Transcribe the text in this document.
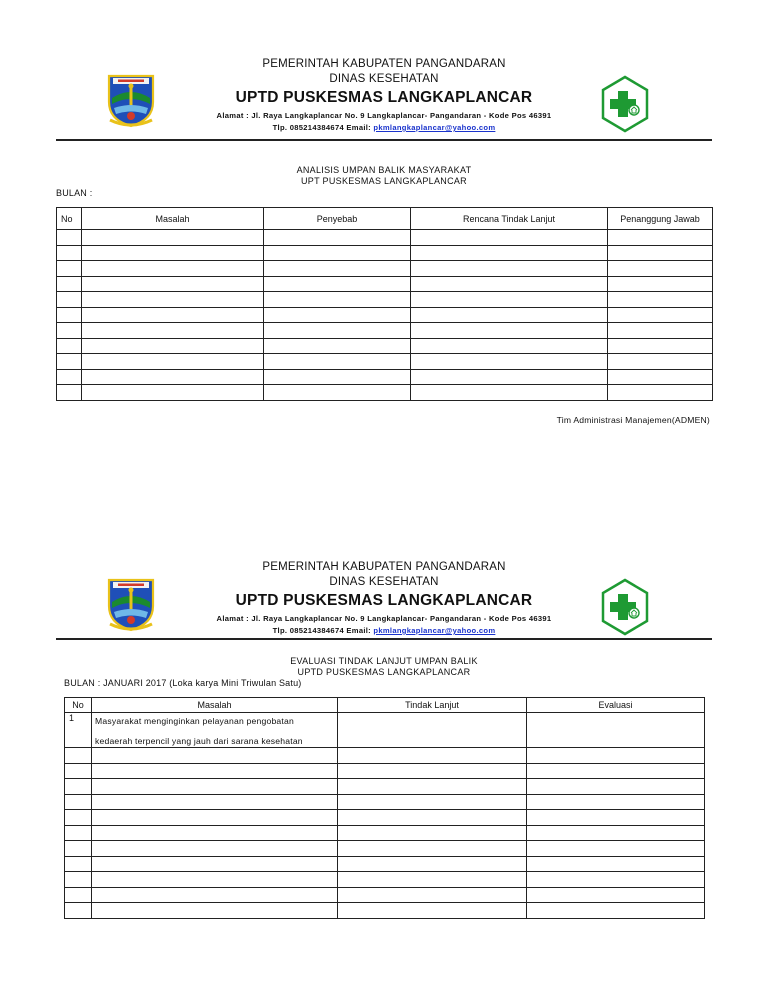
PEMERINTAH KABUPATEN PANGANDARAN
DINAS KESEHATAN
UPTD PUSKESMAS LANGKAPLANCAR
Alamat : Jl. Raya Langkaplancar No. 9 Langkaplancar- Pangandaran - Kode Pos 46391
Tlp. 085214384674 Email: pkmlangkaplancar@yahoo.com
ANALISIS UMPAN BALIK MASYARAKAT
UPT PUSKESMAS LANGKAPLANCAR
BULAN :
No	Masalah	Penyebab	Rencana Tindak Lanjut	Penanggung Jawab

Tim Administrasi Manajemen(ADMEN)
PEMERINTAH KABUPATEN PANGANDARAN
DINAS KESEHATAN
UPTD PUSKESMAS LANGKAPLANCAR
Alamat : Jl. Raya Langkaplancar No. 9 Langkaplancar- Pangandaran - Kode Pos 46391
Tlp. 085214384674 Email: pkmlangkaplancar@yahoo.com
EVALUASI TINDAK LANJUT UMPAN BALIK
UPTD PUSKESMAS LANGKAPLANCAR
BULAN : JANUARI 2017 (Loka karya Mini Triwulan Satu)
No	Masalah	Tindak Lanjut	Evaluasi
1	Masyarakat menginginkan pelayanan pengobatan
kedaerah terpencil yang jauh dari sarana kesehatan		
